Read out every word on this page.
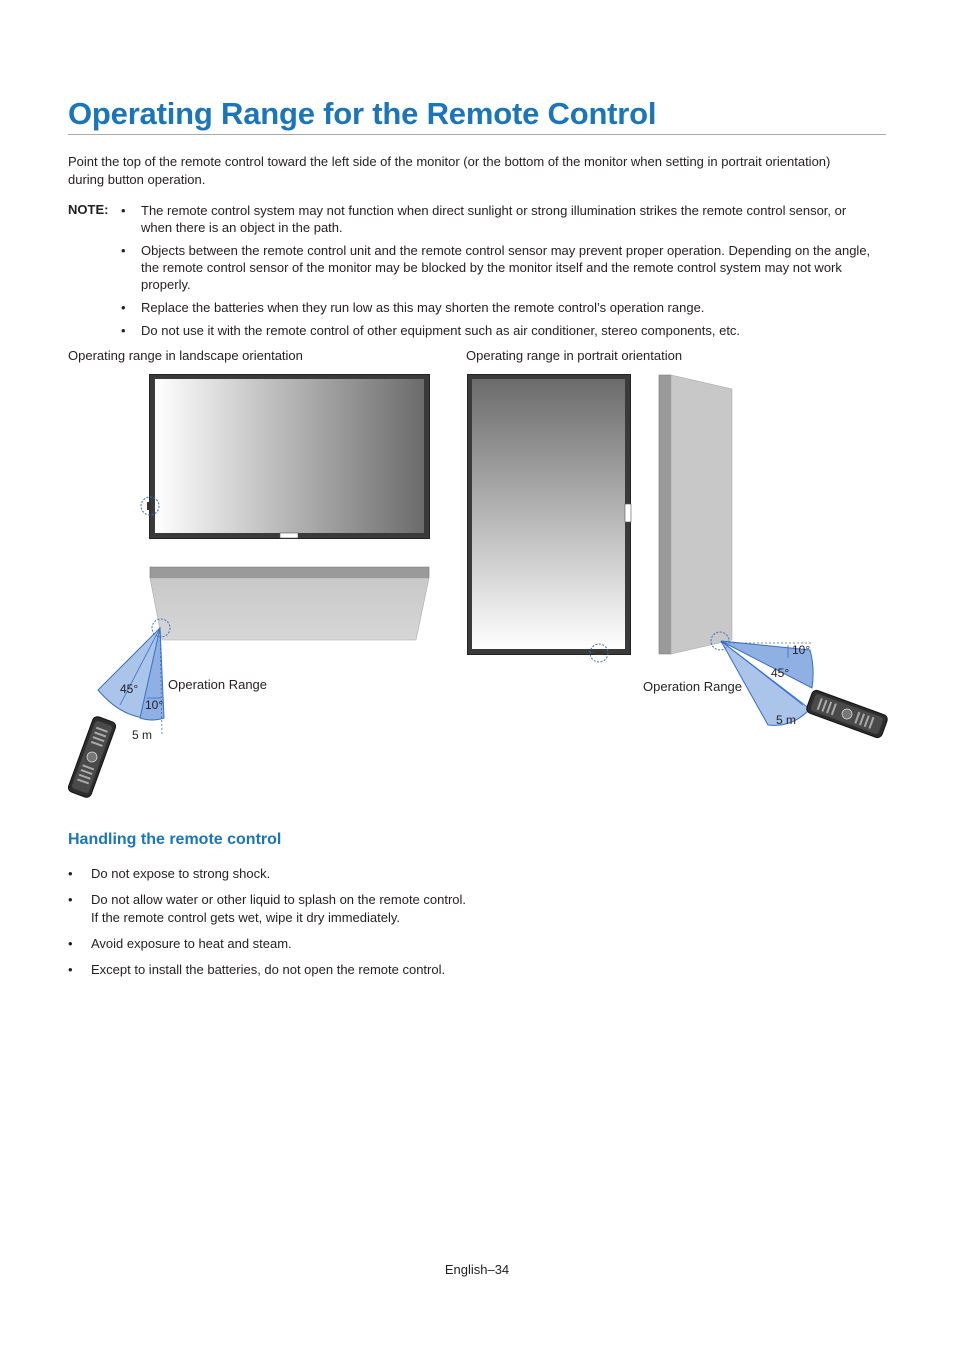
Operating Range for the Remote Control

Point the top of the remote control toward the left side of the monitor (or the bottom of the monitor when setting in portrait orientation) during button operation.

NOTE:
•	The remote control system may not function when direct sunlight or strong illumination strikes the remote control sensor, or when there is an object in the path.
• Objects between the remote control unit and the remote control sensor may prevent proper operation. Depending on the angle, the remote control sensor of the monitor may be blocked by the monitor itself and the remote control system may not work properly.
• Replace the batteries when they run low as this may shorten the remote control’s operation range.
• Do not use it with the remote control of other equipment such as air conditioner, stereo components, etc.
Operating range in landscape orientation	Operating range in portrait orientation
Operation Range
45°
10°
5 m
Operation Range
45°
10°
5 m
Handling the remote control
• Do not expose to strong shock.
• Do not allow water or other liquid to splash on the remote control.
If the remote control gets wet, wipe it dry immediately.
• Avoid exposure to heat and steam.
• Except to install the batteries, do not open the remote control.
English–34
